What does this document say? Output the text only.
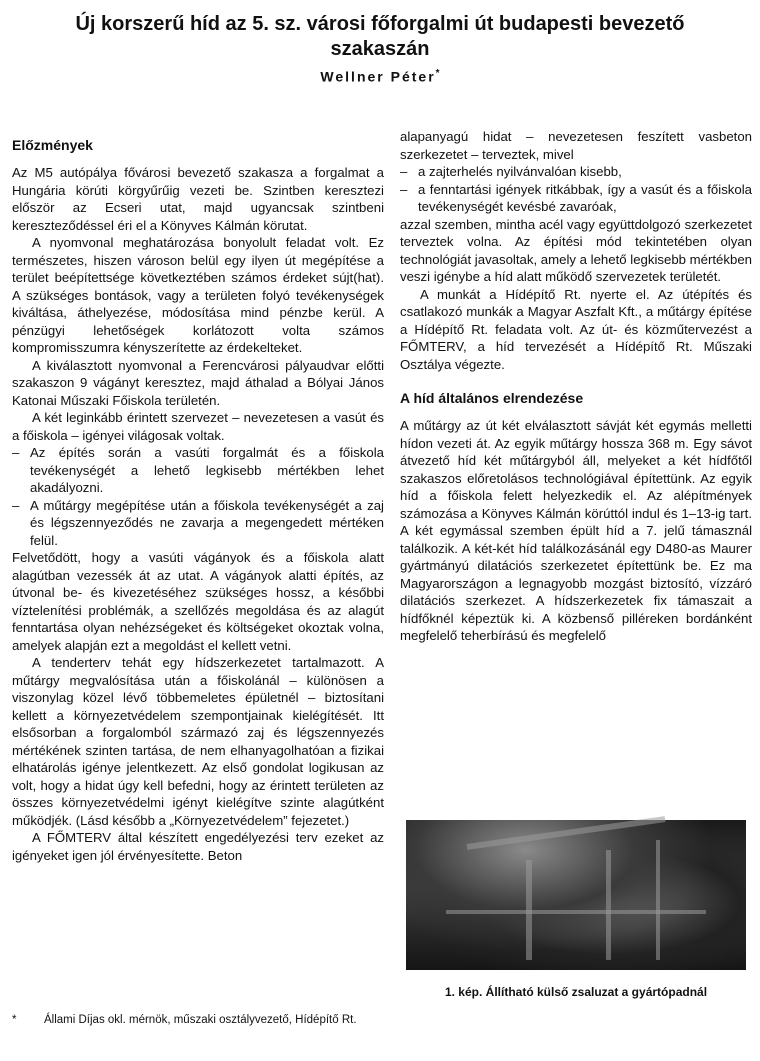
Új korszerű híd az 5. sz. városi főforgalmi út budapesti bevezető szakaszán
Wellner Péter*
Előzmények

Az M5 autópálya fővárosi bevezető szakasza a forgalmat a Hungária körúti körgyűrűig vezeti be. Szintben keresztezi először az Ecseri utat, majd ugyancsak szintbeni kereszteződéssel éri el a Könyves Kálmán körutat.

A nyomvonal meghatározása bonyolult feladat volt. Ez természetes, hiszen városon belül egy ilyen út megépítése a terület beépítettsége következtében számos érdeket sújt(hat). A szükséges bontások, vagy a területen folyó tevékenységek kiváltása, áthelyezése, módosítása mind pénzbe kerül. A pénzügyi lehetőségek korlátozott volta számos kompromisszumra kényszerítette az érdekelteket.

A kiválasztott nyomvonal a Ferencvárosi pályaudvar előtti szakaszon 9 vágányt keresztez, majd áthalad a Bólyai János Katonai Műszaki Főiskola területén.

A két leginkább érintett szervezet – nevezetesen a vasút és a főiskola – igényei világosak voltak.

– Az építés során a vasúti forgalmát és a főiskola tevékenységét a lehető legkisebb mértékben lehet akadályozni.

– A műtárgy megépítése után a főiskola tevékenységét a zaj és légszennyeződés ne zavarja a megengedett mértéken felül.

Felvetődött, hogy a vasúti vágányok és a főiskola alatt alagútban vezessék át az utat. A vágányok alatti építés, az útvonal be- és kivezetéséhez szükséges hossz, a későbbi víztelenítési problémák, a szellőzés megoldása és az alagút fenntartása olyan nehézségeket és költségeket okoztak volna, amelyek alapján ezt a megoldást el kellett vetni.

A tenderterv tehát egy hídszerkezetet tartalmazott. A műtárgy megvalósítása után a főiskolánál – különösen a viszonylag közel lévő többemeletes épületnél – biztosítani kellett a környezetvédelem szempontjainak kielégítését. Itt elsősorban a forgalomból származó zaj és légszennyezés mértékének szinten tartása, de nem elhanyagolhatóan a fizikai elhatárolás igénye jelentkezett. Az első gondolat logikusan az volt, hogy a hidat úgy kell befedni, hogy az érintett területen az összes környezetvédelmi igényt kielégítve szinte alagútként működjék. (Lásd később a „Környezetvédelem” fejezetet.)

A FŐMTERV által készített engedélyezési terv ezeket az igényeket igen jól érvényesítette. Beton

alapanyagú hidat – nevezetesen feszített vasbeton szerkezetet – terveztek, mivel

– a zajterhelés nyilvánvalóan kisebb,

– a fenntartási igények ritkábbak, így a vasút és a főiskola tevékenységét kevésbé zavaróak,

azzal szemben, mintha acél vagy együttdolgozó szerkezetet terveztek volna. Az építési mód tekintetében olyan technológiát javasoltak, amely a lehető legkisebb mértékben veszi igénybe a híd alatt működő szervezetek területét.

A munkát a Hídépítő Rt. nyerte el. Az útépítés és csatlakozó munkák a Magyar Aszfalt Kft., a műtárgy építése a Hídépítő Rt. feladata volt. Az út- és közműtervezést a FŐMTERV, a híd tervezését a Hídépítő Rt. Műszaki Osztálya végezte.

A híd általános elrendezése

A műtárgy az út két elválasztott sávját két egymás melletti hídon vezeti át. Az egyik műtárgy hossza 368 m. Egy sávot átvezető híd két műtárgyból áll, melyeket a két hídfőtől szakaszos előretolásos technológiával építettünk. Az egyik híd a főiskola felett helyezkedik el. Az alépítmények számozása a Könyves Kálmán körúttól indul és 1–13-ig tart. A két egymással szemben épült híd a 7. jelű támasznál találkozik. A két-két híd találkozásánál egy D480-as Maurer gyártmányú dilatációs szerkezetet építettünk be. Ez ma Magyarországon a legnagyobb mozgást biztosító, vízzáró dilatációs szerkezet. A hídszerkezetek fix támaszait a hídfőknél képeztük ki. A közbenső pilléreken bordánként megfelelő teherbírású és megfelelő

1. kép. Állítható külső zsaluzat a gyártópadnál
* Állami Díjas okl. mérnök, műszaki osztályvezető, Hídépítő Rt.
